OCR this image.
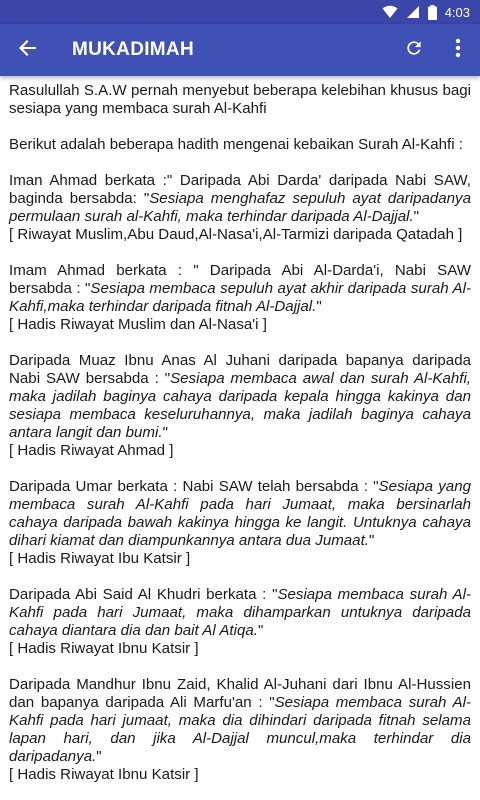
4:03
MUKADIMAH

Rasulullah S.A.W pernah menyebut beberapa kelebihan khusus bagi sesiapa yang membaca surah Al-Kahfi

Berikut adalah beberapa hadith mengenai kebaikan Surah Al-Kahfi :

Iman Ahmad berkata :" Daripada Abi Darda' daripada Nabi SAW, baginda bersabda: "Sesiapa menghafaz sepuluh ayat daripadanya permulaan surah al-Kahfi, maka terhindar daripada Al-Dajjal."
[ Riwayat Muslim,Abu Daud,Al-Nasa'i,Al-Tarmizi daripada Qatadah ]

Imam Ahmad berkata : " Daripada Abi Al-Darda'i, Nabi SAW bersabda : "Sesiapa membaca sepuluh ayat akhir daripada surah Al-Kahfi,maka terhindar daripada fitnah Al-Dajjal."
[ Hadis Riwayat Muslim dan Al-Nasa'i ]

Daripada Muaz Ibnu Anas Al Juhani daripada bapanya daripada Nabi SAW bersabda : "Sesiapa membaca awal dan surah Al-Kahfi, maka jadilah baginya cahaya daripada kepala hingga kakinya dan sesiapa membaca keseluruhannya, maka jadilah baginya cahaya antara langit dan bumi."
[ Hadis Riwayat Ahmad ]

Daripada Umar berkata : Nabi SAW telah bersabda : "Sesiapa yang membaca surah Al-Kahfi pada hari Jumaat, maka bersinarlah cahaya daripada bawah kakinya hingga ke langit. Untuknya cahaya dihari kiamat dan diampunkannya antara dua Jumaat."
[ Hadis Riwayat Ibu Katsir ]

Daripada Abi Said Al Khudri berkata : "Sesiapa membaca surah Al-Kahfi pada hari Jumaat, maka dihamparkan untuknya daripada cahaya diantara dia dan bait Al Atiqa."
[ Hadis Riwayat Ibnu Katsir ]

Daripada Mandhur Ibnu Zaid, Khalid Al-Juhani dari Ibnu Al-Hussien dan bapanya daripada Ali Marfu'an : "Sesiapa membaca surah Al-Kahfi pada hari jumaat, maka dia dihindari daripada fitnah selama lapan hari, dan jika Al-Dajjal muncul,maka terhindar dia daripadanya."
[ Hadis Riwayat Ibnu Katsir ]
